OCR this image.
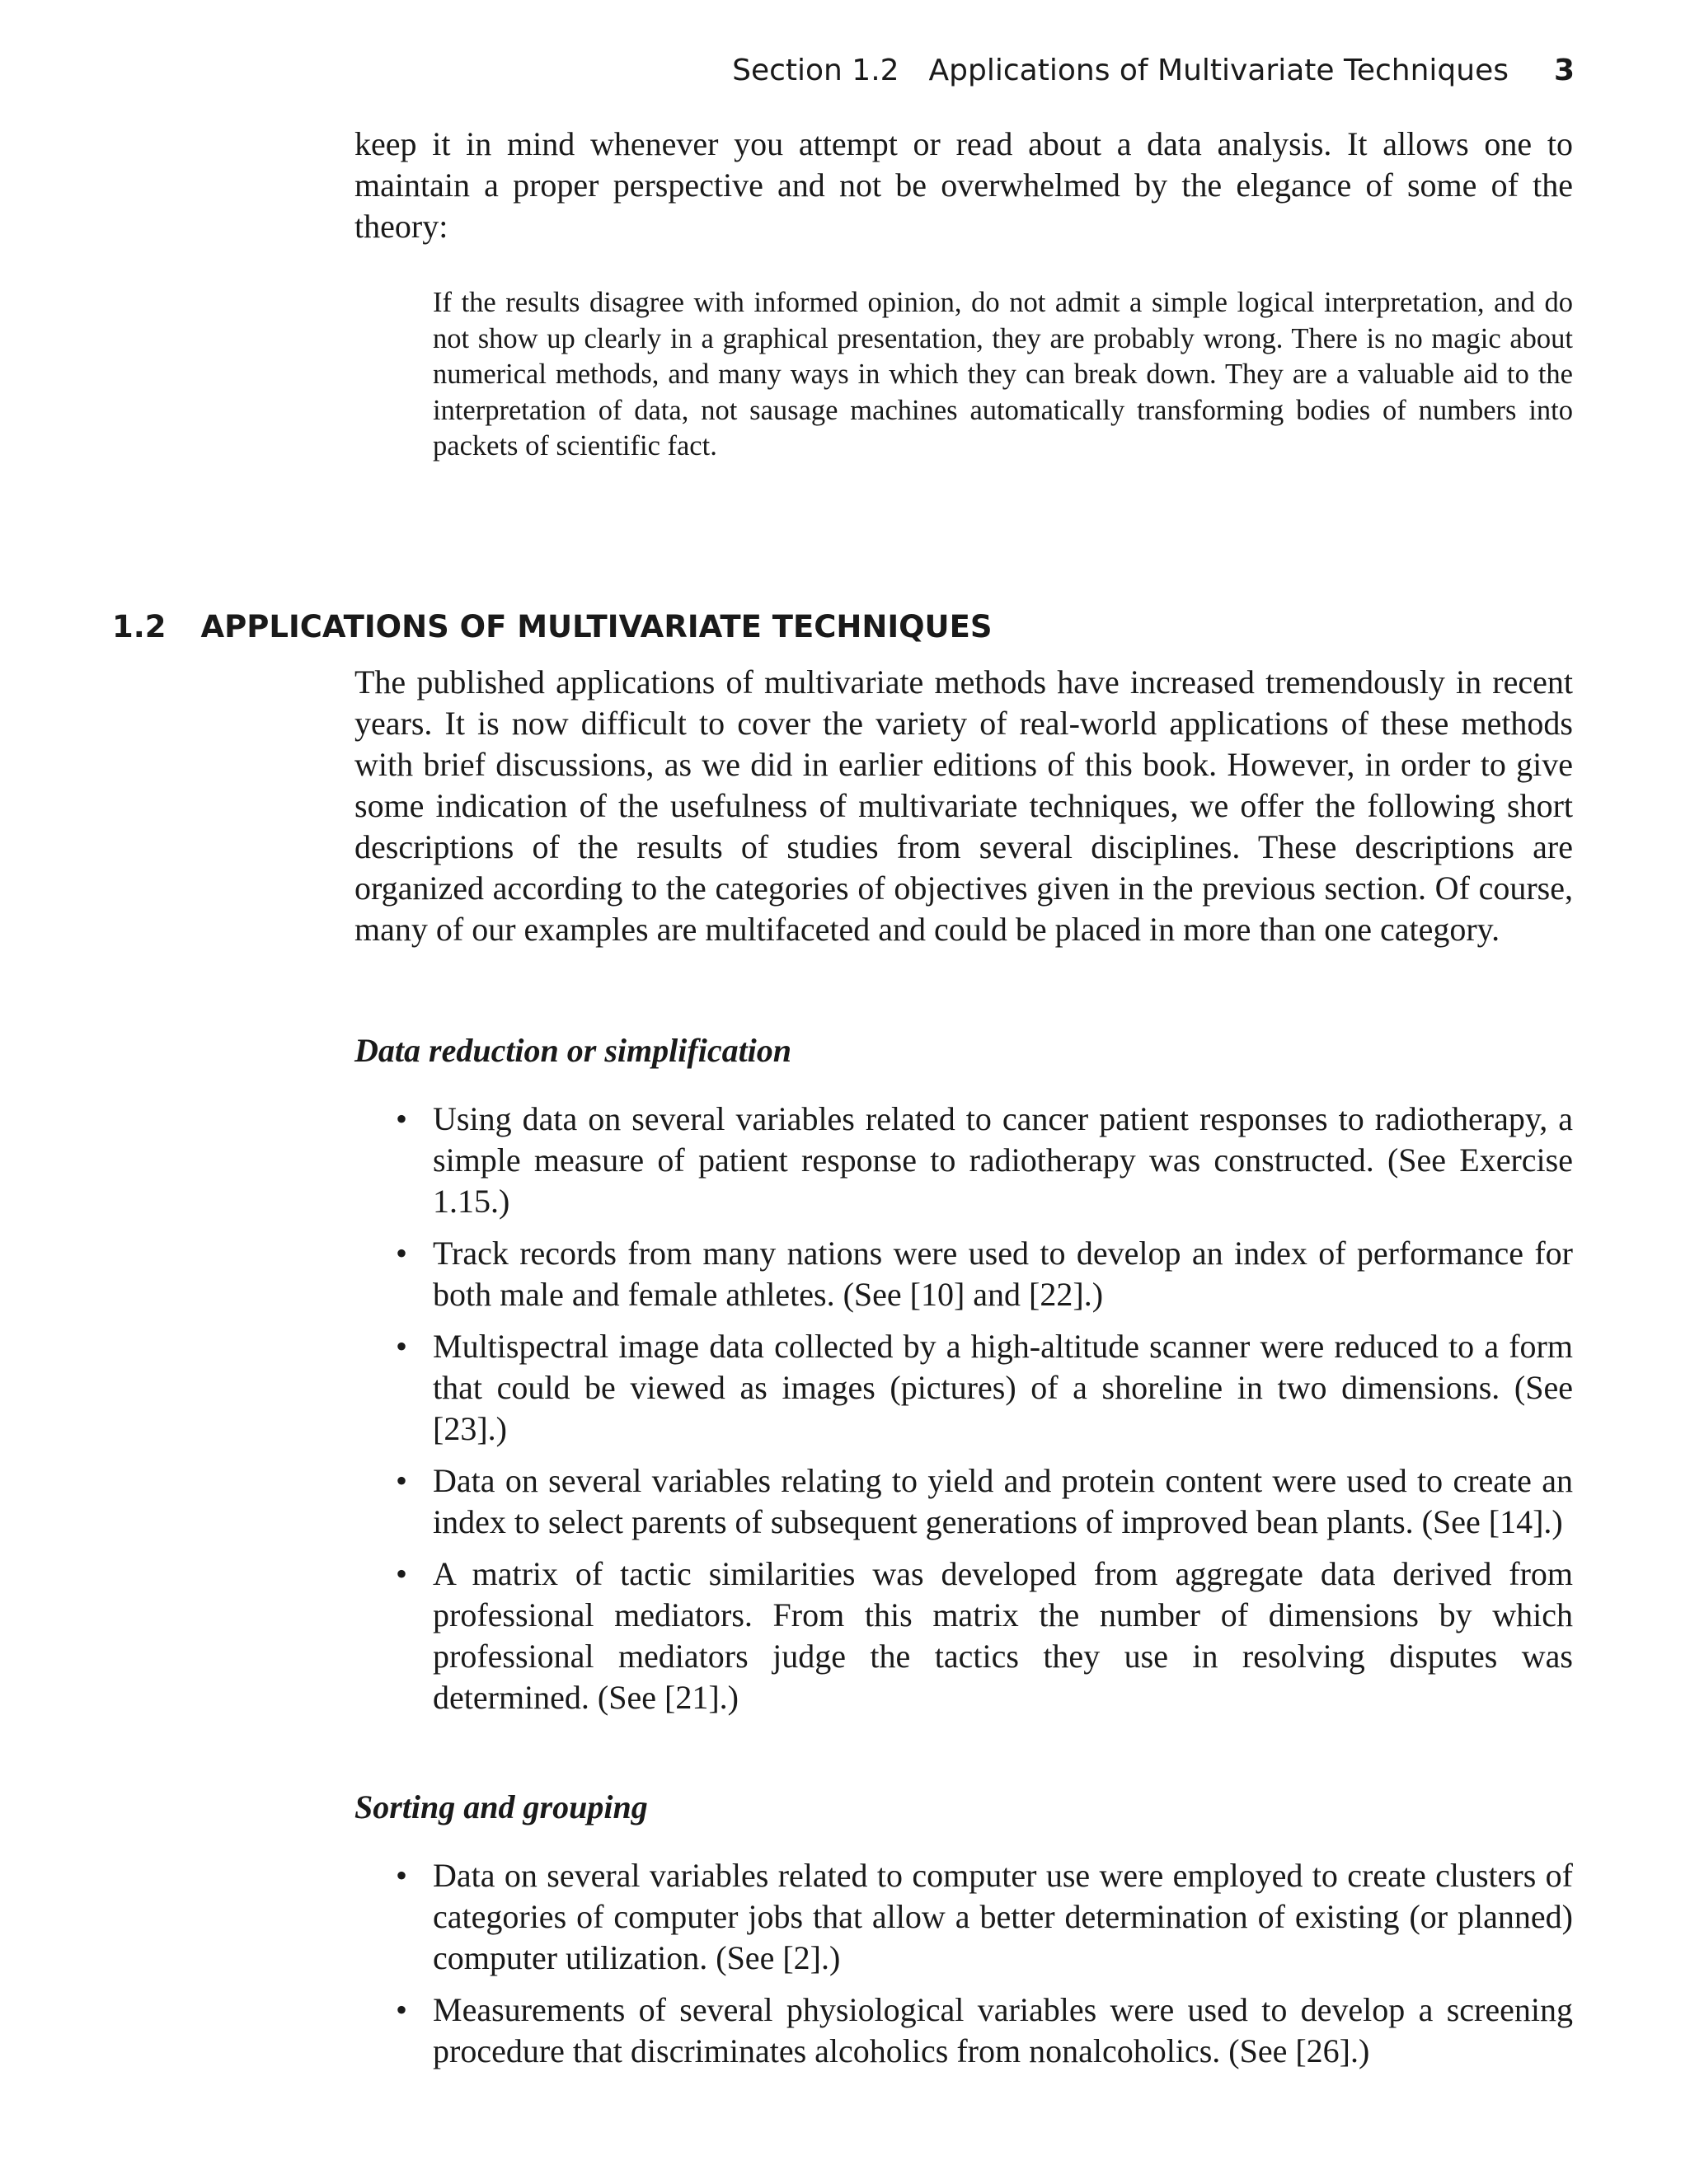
Section 1.2 Applications of Multivariate Techniques 3

keep it in mind whenever you attempt or read about a data analysis. It allows one to maintain a proper perspective and not be overwhelmed by the elegance of some of the theory:

If the results disagree with informed opinion, do not admit a simple logical interpretation, and do not show up clearly in a graphical presentation, they are probably wrong. There is no magic about numerical methods, and many ways in which they can break down. They are a valuable aid to the interpretation of data, not sausage machines automatically transforming bodies of numbers into packets of scientific fact.
1.2 APPLICATIONS OF MULTIVARIATE TECHNIQUES

The published applications of multivariate methods have increased tremendously in recent years. It is now difficult to cover the variety of real-world applications of these methods with brief discussions, as we did in earlier editions of this book. However, in order to give some indication of the usefulness of multivariate techniques, we offer the following short descriptions of the results of studies from several disciplines. These descriptions are organized according to the categories of objectives given in the previous section. Of course, many of our examples are multifaceted and could be placed in more than one category.

Data reduction or simplification
• Using data on several variables related to cancer patient responses to radiotherapy, a simple measure of patient response to radiotherapy was constructed. (See Exercise 1.15.)
• Track records from many nations were used to develop an index of performance for both male and female athletes. (See [10] and [22].)
• Multispectral image data collected by a high-altitude scanner were reduced to a form that could be viewed as images (pictures) of a shoreline in two dimensions. (See [23].)
• Data on several variables relating to yield and protein content were used to create an index to select parents of subsequent generations of improved bean plants. (See [14].)
• A matrix of tactic similarities was developed from aggregate data derived from professional mediators. From this matrix the number of dimensions by which professional mediators judge the tactics they use in resolving disputes was determined. (See [21].)
Sorting and grouping
• Data on several variables related to computer use were employed to create clusters of categories of computer jobs that allow a better determination of existing (or planned) computer utilization. (See [2].)
• Measurements of several physiological variables were used to develop a screening procedure that discriminates alcoholics from nonalcoholics. (See [26].)
